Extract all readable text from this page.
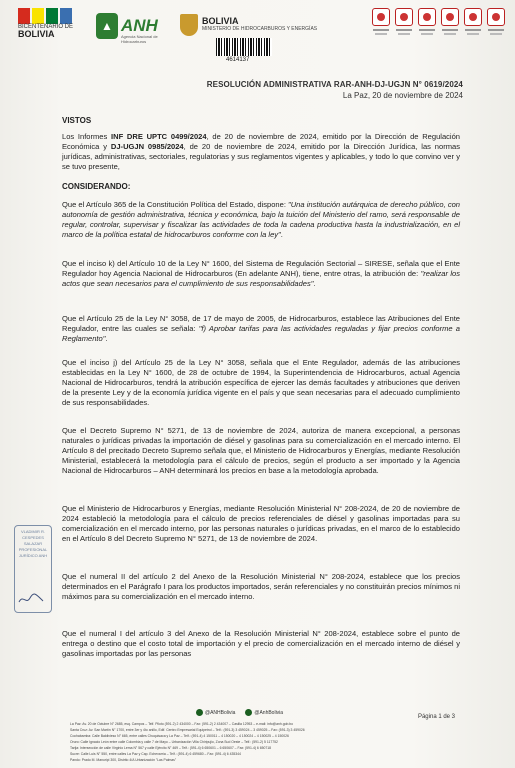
BICENTENARIO DE
BOLIVIA
▲ ANH
Agencia Nacional de Hidrocarburos
BOLIVIA
MINISTERIO DE HIDROCARBUROS Y ENERGÍAS
4614137
RESOLUCIÓN ADMINISTRATIVA RAR-ANH-DJ-UGJN N° 0619/2024
La Paz, 20 de noviembre de 2024
VISTOS
Los Informes INF DRE UPTC 0499/2024, de 20 de noviembre de 2024, emitido por la Dirección de Regulación Económica y DJ-UGJN 0985/2024, de 20 de noviembre de 2024, emitido por la Dirección Jurídica, las normas jurídicas, administrativas, sectoriales, regulatorias y sus reglamentos vigentes y aplicables, y todo lo que convino ver y se tuvo presente,
CONSIDERANDO:
Que el Artículo 365 de la Constitución Política del Estado, dispone: "Una institución autárquica de derecho público, con autonomía de gestión administrativa, técnica y económica, bajo la tuición del Ministerio del ramo, será responsable de regular, controlar, supervisar y fiscalizar las actividades de toda la cadena productiva hasta la industrialización, en el marco de la política estatal de hidrocarburos conforme con la ley".
Que el inciso k) del Artículo 10 de la Ley N° 1600, del Sistema de Regulación Sectorial – SIRESE, señala que el Ente Regulador hoy Agencia Nacional de Hidrocarburos (En adelante ANH), tiene, entre otras, la atribución de: "realizar los actos que sean necesarios para el cumplimiento de sus responsabilidades".
Que el Artículo 25 de la Ley N° 3058, de 17 de mayo de 2005, de Hidrocarburos, establece las Atribuciones del Ente Regulador, entre las cuales se señala: "f) Aprobar tarifas para las actividades reguladas y fijar precios conforme a Reglamento".
Que el inciso j) del Artículo 25 de la Ley N° 3058, señala que el Ente Regulador, además de las atribuciones establecidas en la Ley N° 1600, de 28 de octubre de 1994, la Superintendencia de Hidrocarburos, actual Agencia Nacional de Hidrocarburos, tendrá la atribución específica de ejercer las demás facultades y atribuciones que deriven de la presente Ley y de la economía jurídica vigente en el país y que sean necesarias para el adecuado cumplimiento de sus responsabilidades.
Que el Decreto Supremo N° 5271, de 13 de noviembre de 2024, autoriza de manera excepcional, a personas naturales o jurídicas privadas la importación de diésel y gasolinas para su comercialización en el mercado interno. El Artículo 8 del precitado Decreto Supremo señala que, el Ministerio de Hidrocarburos y Energías, mediante Resolución Ministerial, establecerá la metodología para el cálculo de precios, según el producto a ser importado y la Agencia Nacional de Hidrocarburos – ANH determinará los precios en base a la metodología aprobada.
Que el Ministerio de Hidrocarburos y Energías, mediante Resolución Ministerial N° 208-2024, de 20 de noviembre de 2024 estableció la metodología para el cálculo de precios referenciales de diésel y gasolinas importadas para su comercialización en el mercado interno, por las personas naturales o jurídicas privadas, en el marco de lo establecido en el Artículo 8 del Decreto Supremo N° 5271, de 13 de noviembre de 2024.
Que el numeral II del artículo 2 del Anexo de la Resolución Ministerial N° 208-2024, establece que los precios determinados en el Parágrafo I para los productos importados, serán referenciales y no constituirán precios mínimos ni máximos para su comercialización en el mercado interno.
Que el numeral I del artículo 3 del Anexo de la Resolución Ministerial N° 208-2024, establece sobre el punto de entrega o destino que el costo total de importación y el precio de comercialización en el mercado interno de diésel y gasolinas importadas por las personas
VLADIMIR R. CESPEDES SALAZAR PROFESIONAL JURÍDICO ANH
@ANHBolivia	@AnhBolivia
Página 1 de 3
La Paz: Av. 20 de Octubre N° 2685, esq. Campos – Telf. Piloto (591-2) 2 434000 – Fax: (591-2) 2 434007 – Casilla 12953 – e-mail: info@anh.gob.bo
Santa Cruz: Av. San Martín N° 1700, entre 3er y 4to anillo, Edif. Centro Empresarial Equipetrol – Telf.: (591-3) 3 459024 – 3 459025 – Fax: (591-3) 3 459026
Cochabamba: Calle Baldivieso N° 665, entre calles Chuquisaca y La Paz – Telf.: (591-4) 4 150011 – 4 150020 – 4 150024 – 4 150025 – 4 150026
Oruro: Calle Ignacio León entre calle Colombia y calle 7 de Mayo – Urbanización Villa Chiripujio, Zona Sud Oeste – Telf.: (591-2) 5 117752
Tarija: Intersección de calle Virginio Lema N° 567 y calle Ejército N° 469 – Telf.: (591-4) 6 650601 – 6 650607 – Fax: (591-4) 6 650718
Sucre: Calle Luis N° 550, entre calles La Paz y Cap. Echevarría – Telf.: (591-4) 6 459680 – Fax: (591-4) 6 435344
Pando: Prado M. Manuripi 300, Distrito 4/A Urbanización "Las Palmas"
